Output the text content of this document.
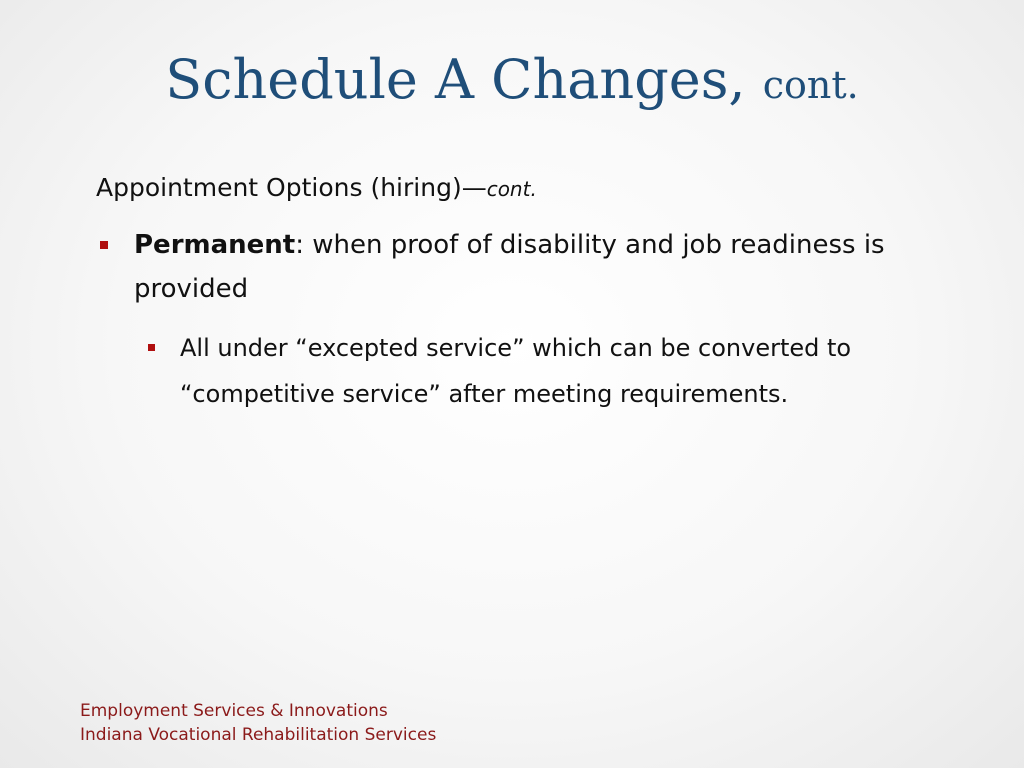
Schedule A Changes, cont.
Appointment Options (hiring)—cont.
Permanent: when proof of disability and job readiness is provided
All under “excepted service” which can be converted to “competitive service” after meeting requirements.
Employment Services & Innovations
Indiana Vocational Rehabilitation Services
